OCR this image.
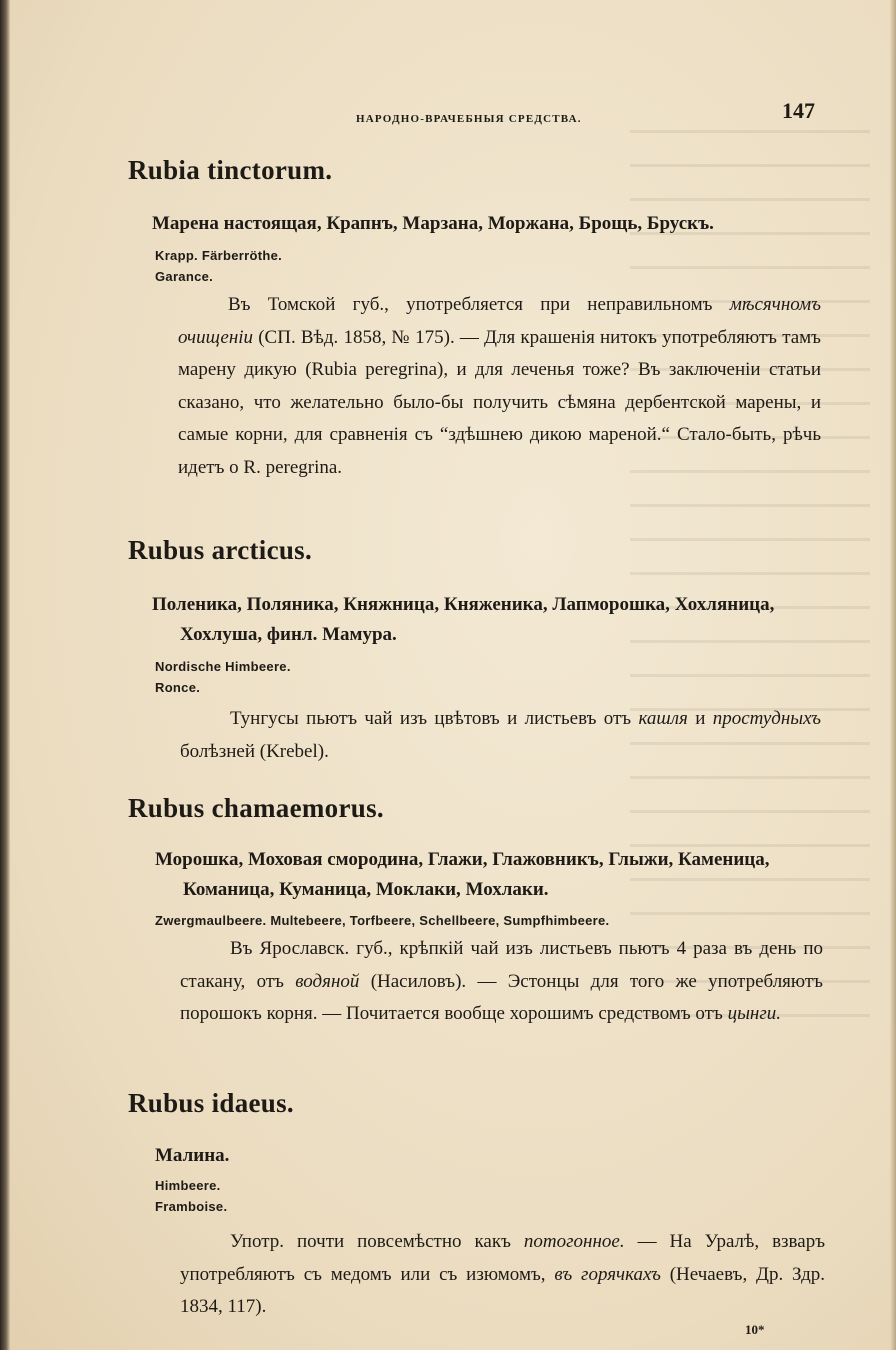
НАРОДНО-ВРАЧЕБНЫЯ СРЕДСТВА.	147
Rubia tinctorum.
Марена настоящая, Крапнъ, Марзана, Моржана, Брощь, Брускъ.
Krapp. Färberröthe.
Garance.
Въ Томской губ., употребляется при неправильномъ мѣсячномъ очищеніи (СП. Вѣд. 1858, № 175). — Для крашенія нитокъ употребляютъ тамъ марену дикую (Rubia peregrina), и для леченья тоже? Въ заключеніи статьи сказано, что желательно было-бы получить сѣмяна дербентской марены, и самые корни, для сравненія съ “здѣшнею дикою мареной.“ Стало-быть, рѣчь идетъ о R. peregrina.
Rubus arcticus.
Поленика, Поляника, Княжница, Княженика, Лапморошка, Хохляница, Хохлуша, финл. Мамура.
Nordische Himbeere.
Ronce.
Тунгусы пьютъ чай изъ цвѣтовъ и листьевъ отъ кашля и простудныхъ болѣзней (Krebel).
Rubus chamaemorus.
Морошка, Моховая смородина, Глажи, Глажовникъ, Глыжи, Каменица, Команица, Куманица, Моклаки, Мохлаки.
Zwergmaulbeere. Multebeere, Torfbeere, Schellbeere, Sumpfhimbeere.
Въ Ярославск. губ., крѣпкій чай изъ листьевъ пьютъ 4 раза въ день по стакану, отъ водяной (Насиловъ). — Эстонцы для того же употребляютъ порошокъ корня. — Почитается вообще хорошимъ средствомъ отъ цынги.
Rubus idaeus.
Малина.
Himbeere.
Framboise.
Употр. почти повсемѣстно какъ потогонное. — На Уралѣ, взваръ употребляютъ съ медомъ или съ изюмомъ, въ горячкахъ (Нечаевъ, Др. Здр. 1834, 117).
10*
